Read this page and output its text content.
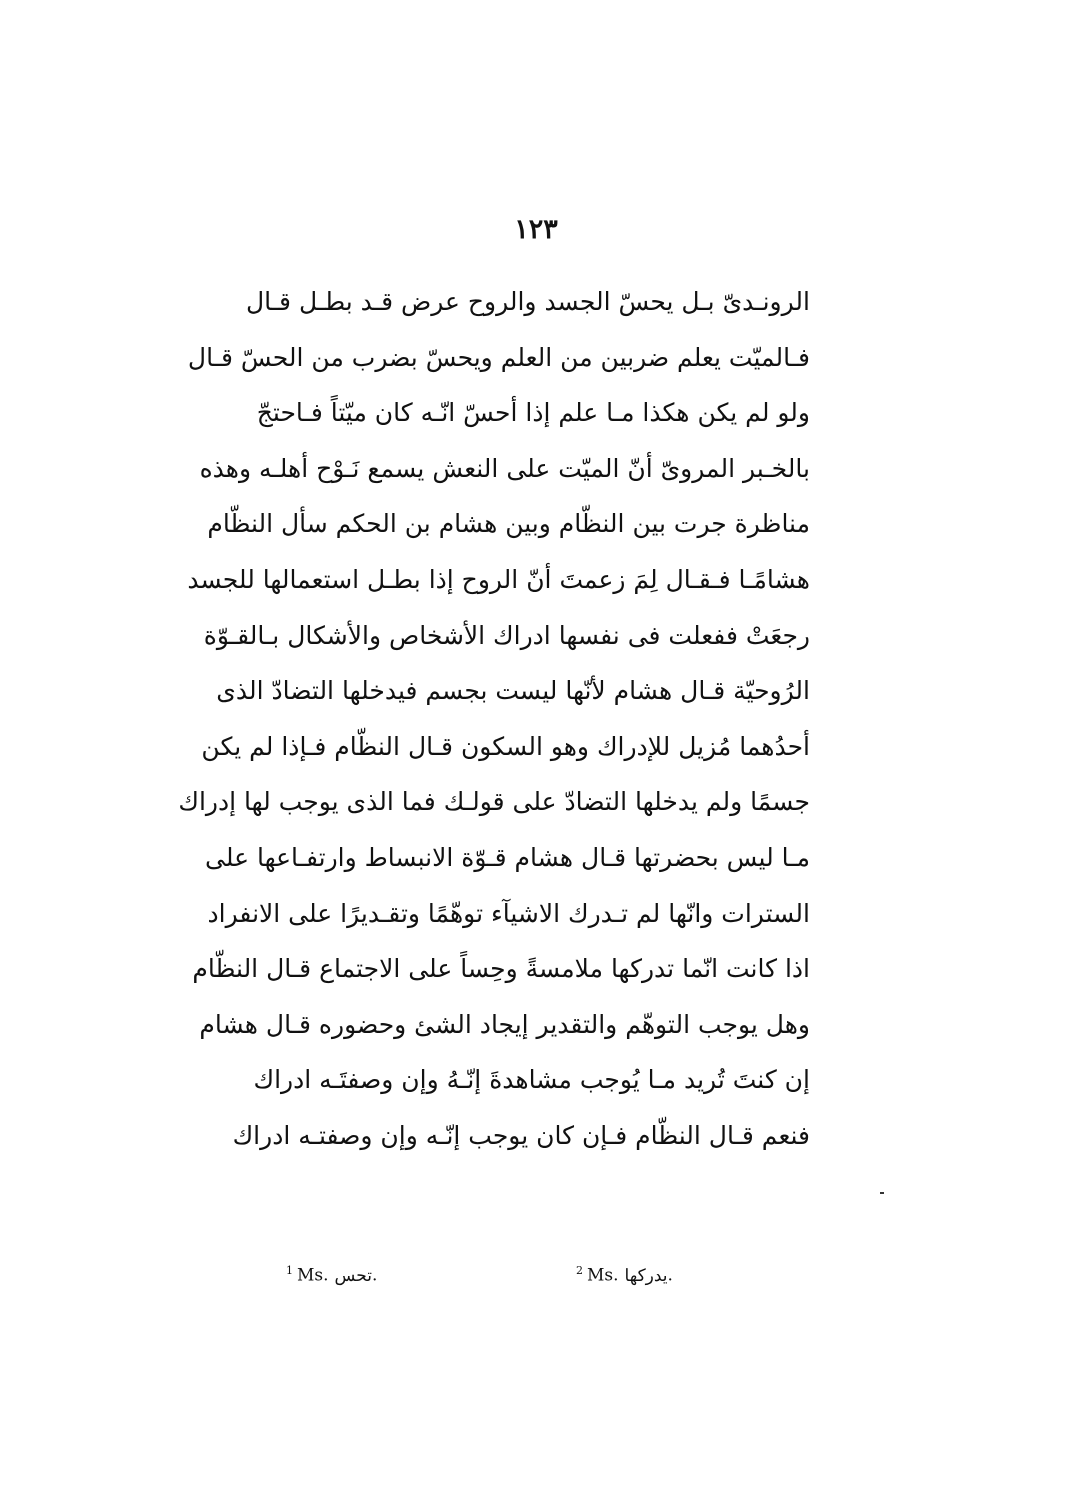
١٢٣
الرونـدىّ بـل يحسّ الجسد والروح عرض قـد بطـل قـال
فـالميّت يعلم ضربين من العلم ويحسّ بضرب من الحسّ قـال
ولو لم يكن هكذا مـا علم إذا أحسّ انّـه كان ميّتاً فـاحتجّ
بالخـبر المروىّ أنّ الميّت على النعش يسمع نَـوْح أهلـه وهذه
مناظرة جرت بين النظّام وبين هشام بن الحكم سأل النظّام
هشامًـا فـقـال لِمَ زعمتَ أنّ الروح إذا بطـل استعمالها للجسد
رجعَتْ ففعلت فى نفسها ادراك الأشخاص والأشكال بـالقـوّة
الرُوحيّة قـال هشام لأنّها ليست بجسم فيدخلها التضادّ الذى
أحدُهما مُزيل للإدراك وهو السكون قـال النظّام فـإذا لم يكن
جسمًا ولم يدخلها التضادّ على قولـك فما الذى يوجب لها إدراك
مـا ليس بحضرتها قـال هشام قـوّة الانبساط وارتفـاعها على
السترات وانّها لم تـدرك الاشيآء توهّمًا وتقـديرًا على الانفراد
اذا كانت انّما تدركها ملامسةً وحِساً على الاجتماع قـال النظّام
وهل يوجب التوهّم والتقدير إيجاد الشئ وحضوره قـال هشام
إن كنتَ تُريد مـا يُوجب مشاهدةَ إنّـهُ وإن وصفتَـه ادراك
فنعم قـال النظّام فـإن كان يوجب إنّـه وإن وصفتـه ادراك
$^1$ Ms. تحس.	$^2$ Ms. يدركها.
